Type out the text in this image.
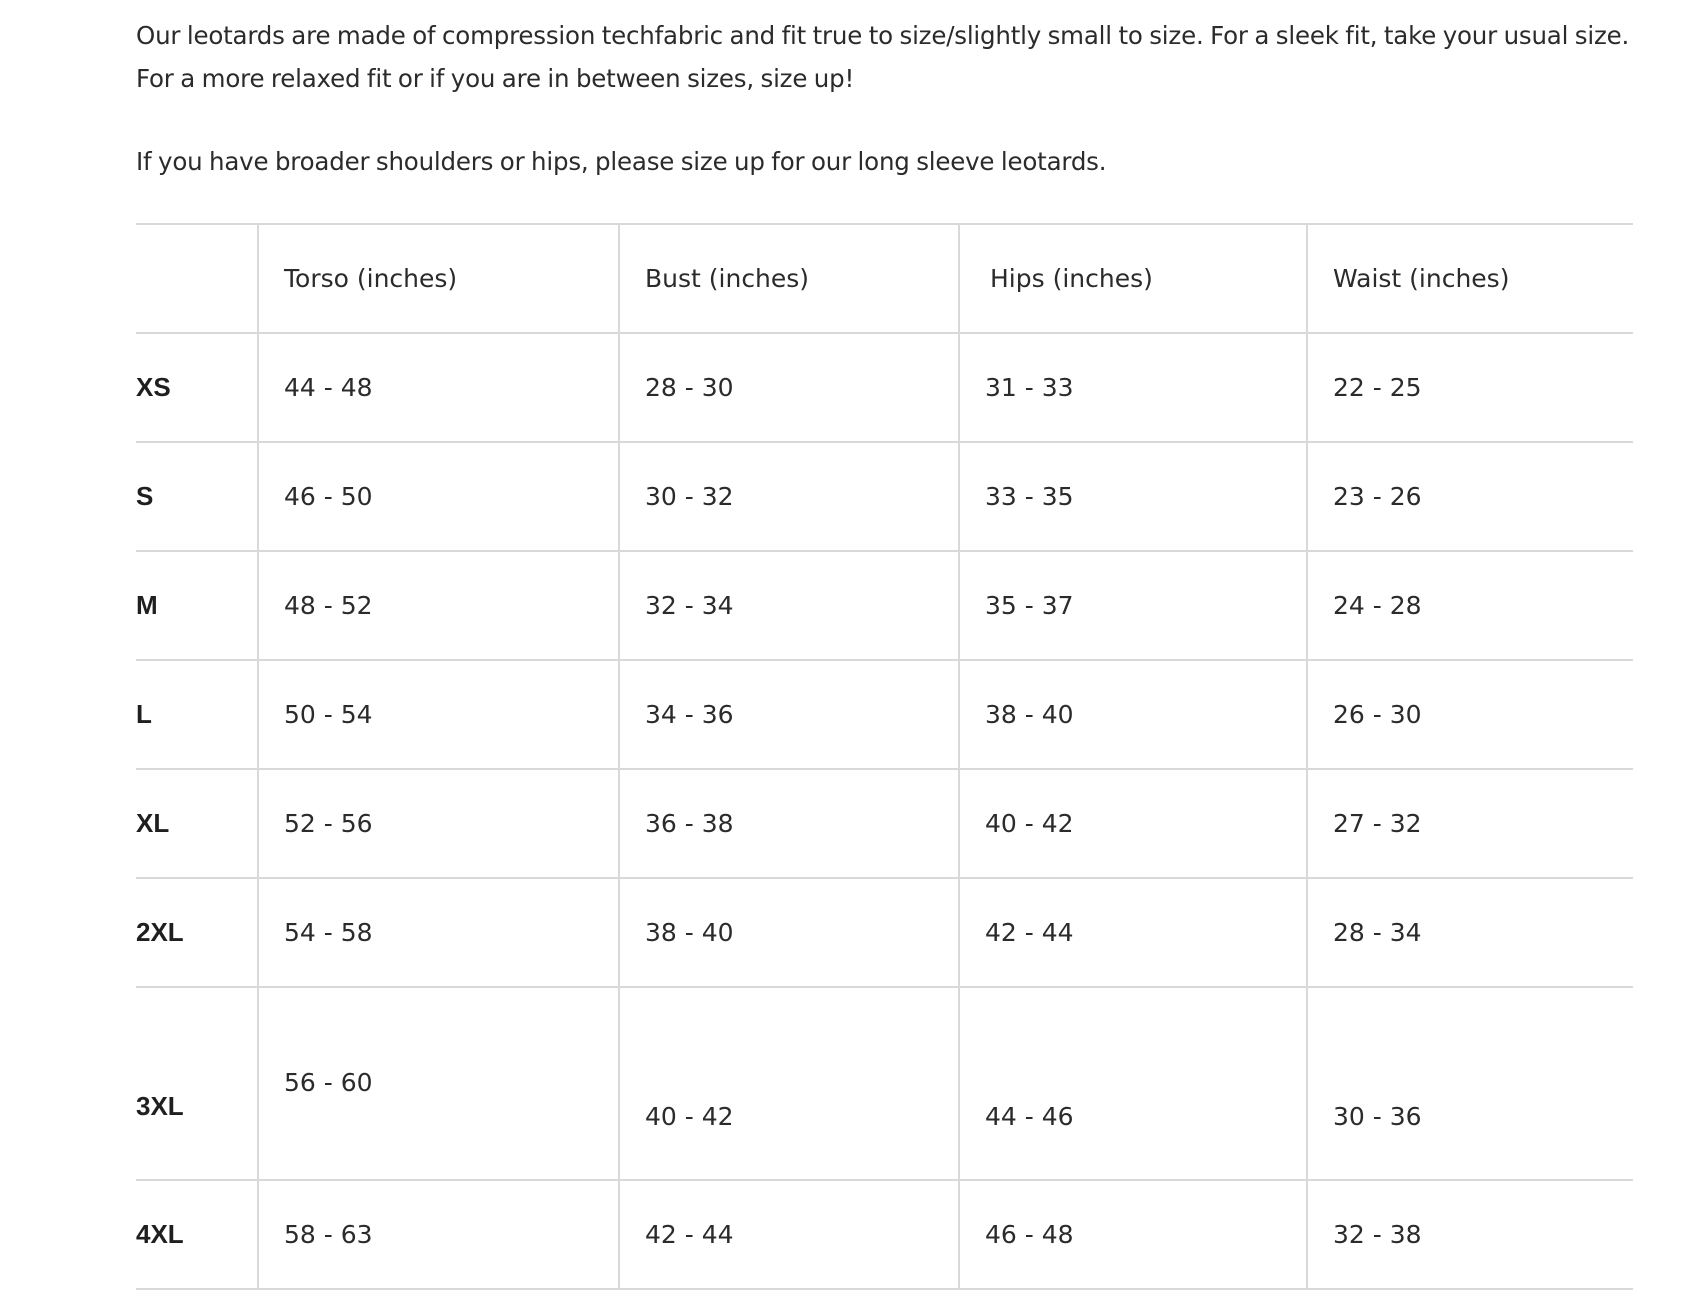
Our leotards are made of compression techfabric and fit true to size/slightly small to size. For a sleek fit, take your usual size.

For a more relaxed fit or if you are in between sizes, size up!

If you have broader shoulders or hips, please size up for our long sleeve leotards.

	Torso (inches)	Bust (inches)	Hips (inches)	Waist (inches)
XS	44 - 48	28 - 30	31 - 33	22 - 25
S	46 - 50	30 - 32	33 - 35	23 - 26
M	48 - 52	32 - 34	35 - 37	24 - 28
L	50 - 54	34 - 36	38 - 40	26 - 30
XL	52 - 56	36 - 38	40 - 42	27 - 32
2XL	54 - 58	38 - 40	42 - 44	28 - 34
3XL	56 - 60	40 - 42	44 - 46	30 - 36
4XL	58 - 63	42 - 44	46 - 48	32 - 38
